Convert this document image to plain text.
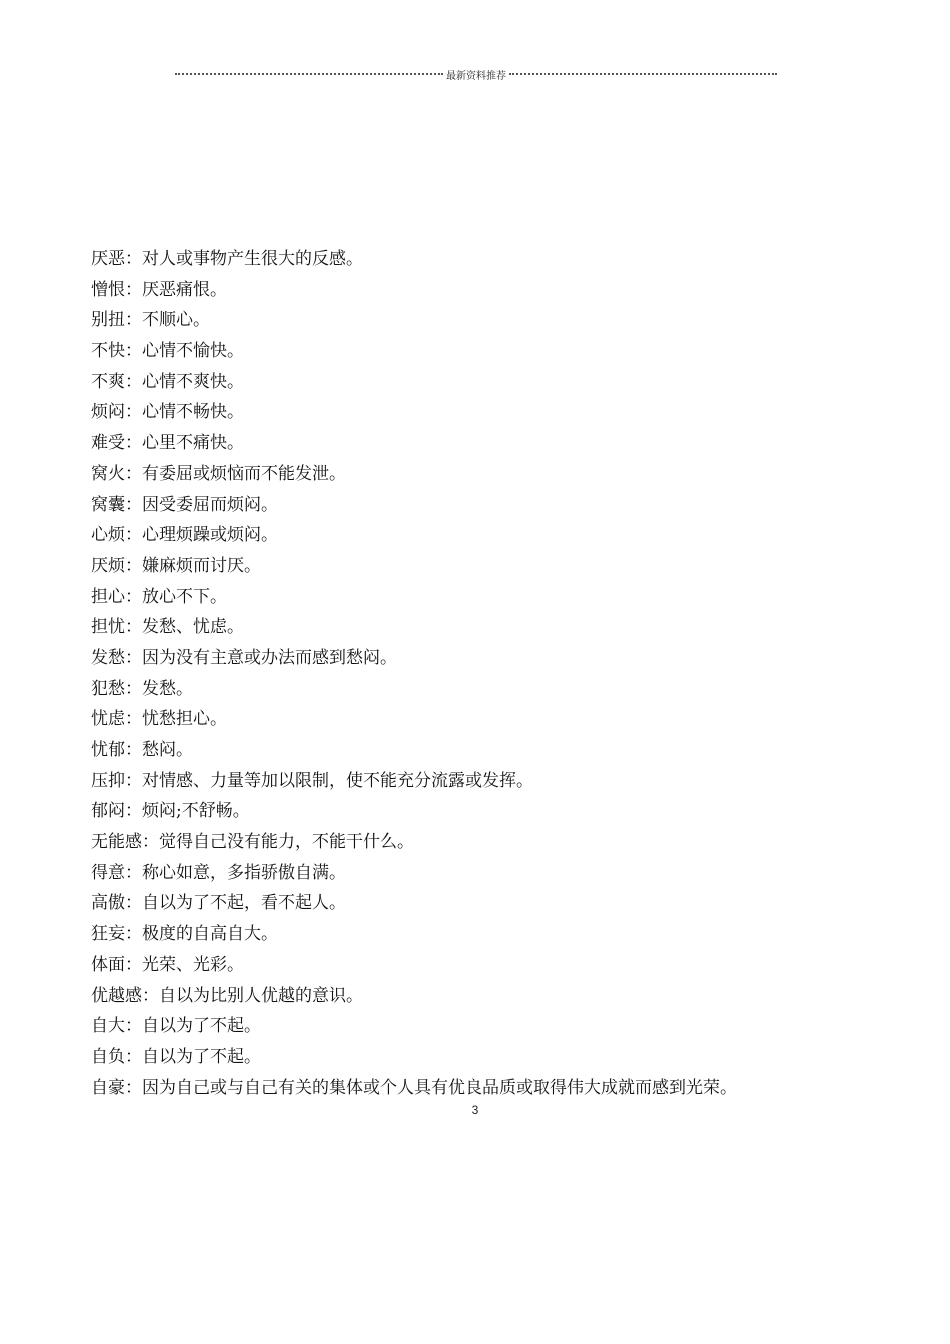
最新资料推荐
厌恶：对人或事物产生很大的反感。
憎恨：厌恶痛恨。
别扭：不顺心。
不快：心情不愉快。
不爽：心情不爽快。
烦闷：心情不畅快。
难受：心里不痛快。
窝火：有委屈或烦恼而不能发泄。
窝囊：因受委屈而烦闷。
心烦：心理烦躁或烦闷。
厌烦：嫌麻烦而讨厌。
担心：放心不下。
担忧：发愁、忧虑。
发愁：因为没有主意或办法而感到愁闷。
犯愁：发愁。
忧虑：忧愁担心。
忧郁：愁闷。
压抑：对情感、力量等加以限制，使不能充分流露或发挥。
郁闷：烦闷;不舒畅。
无能感：觉得自己没有能力，不能干什么。
得意：称心如意，多指骄傲自满。
高傲：自以为了不起，看不起人。
狂妄：极度的自高自大。
体面：光荣、光彩。
优越感：自以为比别人优越的意识。
自大：自以为了不起。
自负：自以为了不起。
自豪：因为自己或与自己有关的集体或个人具有优良品质或取得伟大成就而感到光荣。
3
